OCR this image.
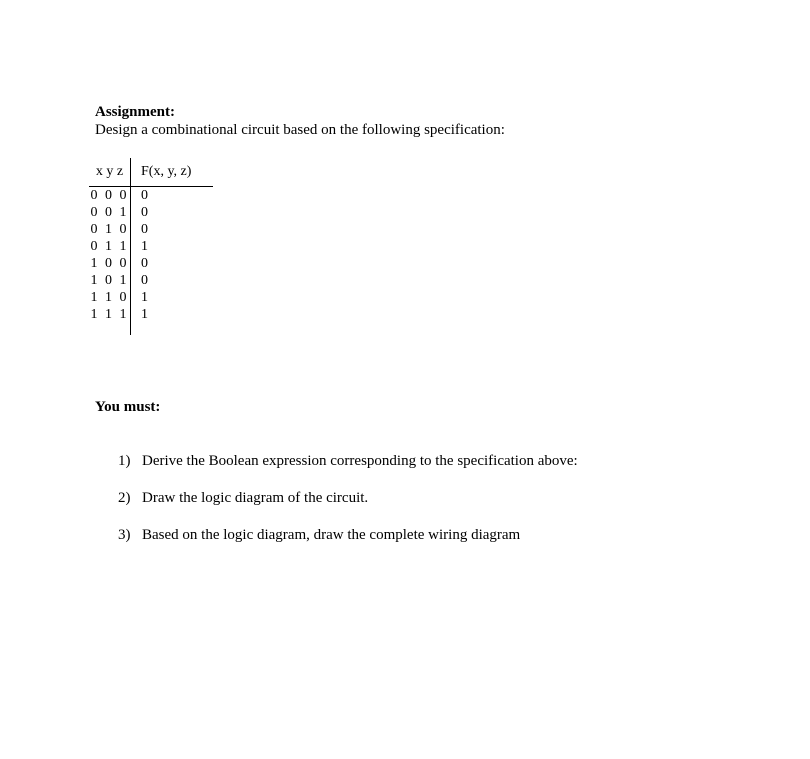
Assignment:
Design a combinational circuit based on the following specification:
x y z	F(x, y, z)
0 0 0	0
0 0 1	0
0 1 0	0
0 1 1	1
1 0 0	0
1 0 1	0
1 1 0	1
1 1 1	1
You must:
1) Derive the Boolean expression corresponding to the specification above:
2) Draw the logic diagram of the circuit.
3) Based on the logic diagram, draw the complete wiring diagram
